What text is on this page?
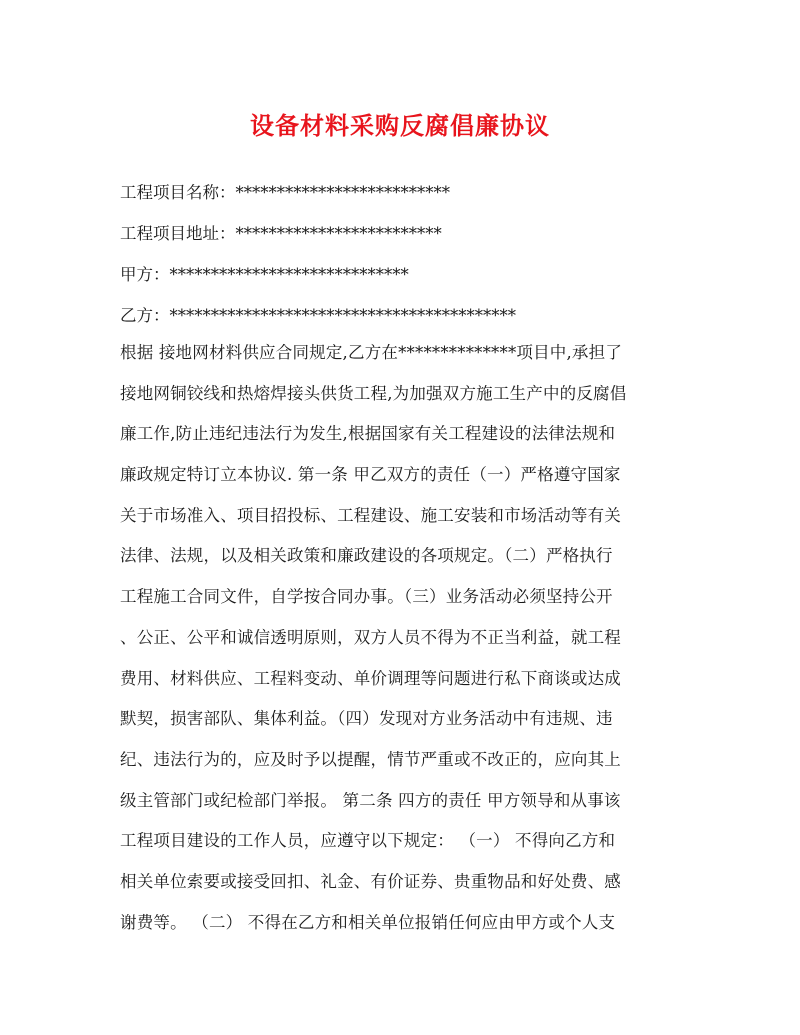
设备材料采购反腐倡廉协议
工程项目名称：**************************
工程项目地址：*************************
甲方：*****************************
乙方：******************************************
根据 接地网材料供应合同规定,乙方在**************项目中,承担了
接地网铜铰线和热熔焊接头供货工程,为加强双方施工生产中的反腐倡
廉工作,防止违纪违法行为发生,根据国家有关工程建设的法律法规和
廉政规定特订立本协议. 第一条 甲乙双方的责任（一）严格遵守国家
关于市场准入、项目招投标、工程建设、施工安装和市场活动等有关
法律、法规，以及相关政策和廉政建设的各项规定。（二）严格执行
工程施工合同文件，自学按合同办事。（三）业务活动必须坚持公开
、公正、公平和诚信透明原则，双方人员不得为不正当利益，就工程
费用、材料供应、工程料变动、单价调理等问题进行私下商谈或达成
默契，损害部队、集体利益。（四）发现对方业务活动中有违规、违
纪、违法行为的，应及时予以提醒，情节严重或不改正的，应向其上
级主管部门或纪检部门举报。 第二条 四方的责任 甲方领导和从事该
工程项目建设的工作人员，应遵守以下规定： （一） 不得向乙方和
相关单位索要或接受回扣、礼金、有价证券、贵重物品和好处费、感
谢费等。 （二） 不得在乙方和相关单位报销任何应由甲方或个人支
